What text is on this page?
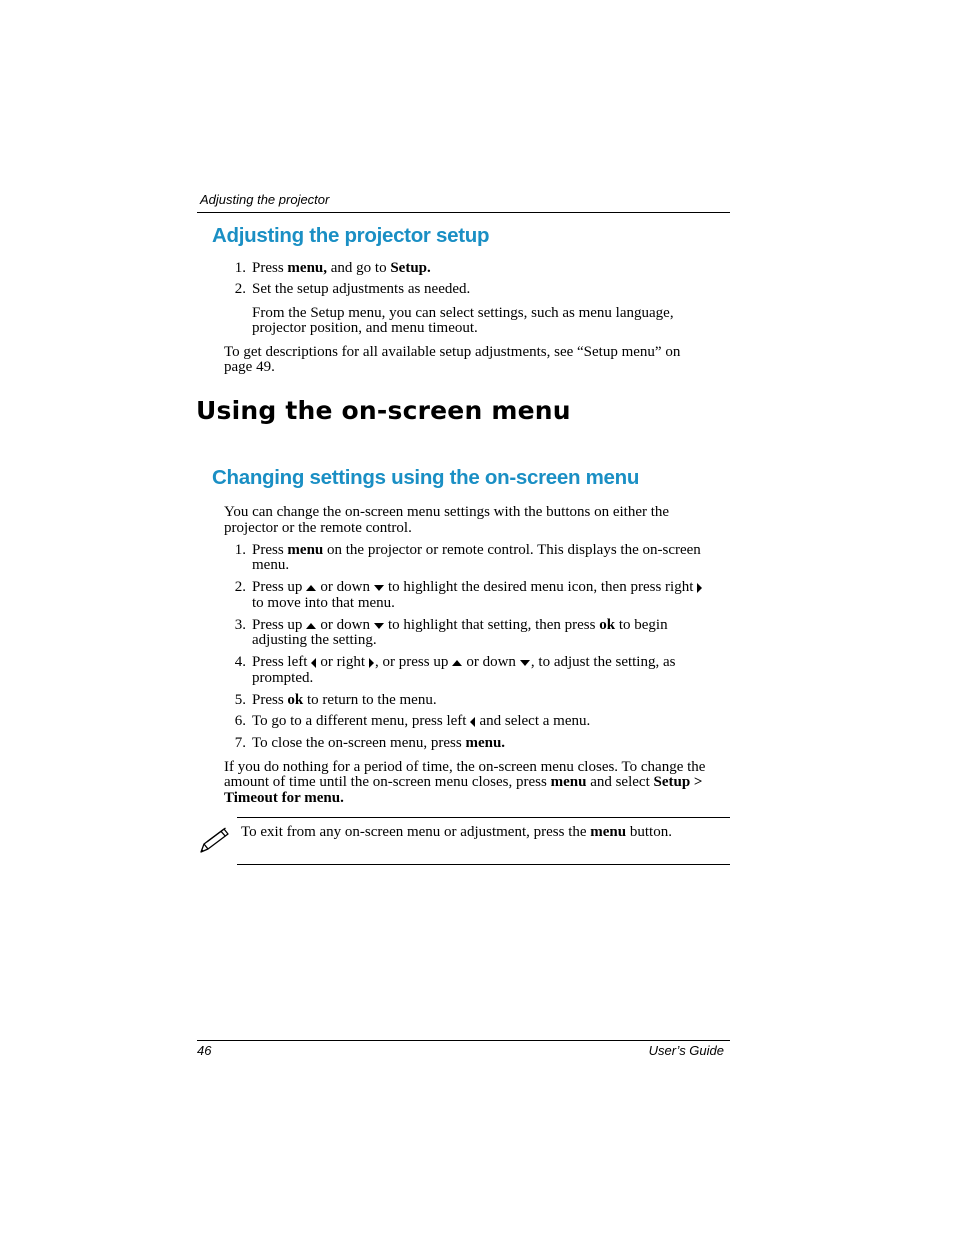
Adjusting the projector
Adjusting the projector setup
1. Press menu, and go to Setup.
2. Set the setup adjustments as needed.
From the Setup menu, you can select settings, such as menu language,
projector position, and menu timeout.
To get descriptions for all available setup adjustments, see “Setup menu” on
page 49.
Using the on-screen menu
Changing settings using the on-screen menu
You can change the on-screen menu settings with the buttons on either the
projector or the remote control.
1. Press menu on the projector or remote control. This displays the on-screen
menu.
2. Press up or down to highlight the desired menu icon, then press right
to move into that menu.
3. Press up or down to highlight that setting, then press ok to begin
adjusting the setting.
4. Press left or right , or press up or down , to adjust the setting, as
prompted.
5. Press ok to return to the menu.
6. To go to a different menu, press left and select a menu.
7. To close the on-screen menu, press menu.
If you do nothing for a period of time, the on-screen menu closes. To change the
amount of time until the on-screen menu closes, press menu and select Setup >
Timeout for menu.
To exit from any on-screen menu or adjustment, press the menu button.
46	User’s Guide
